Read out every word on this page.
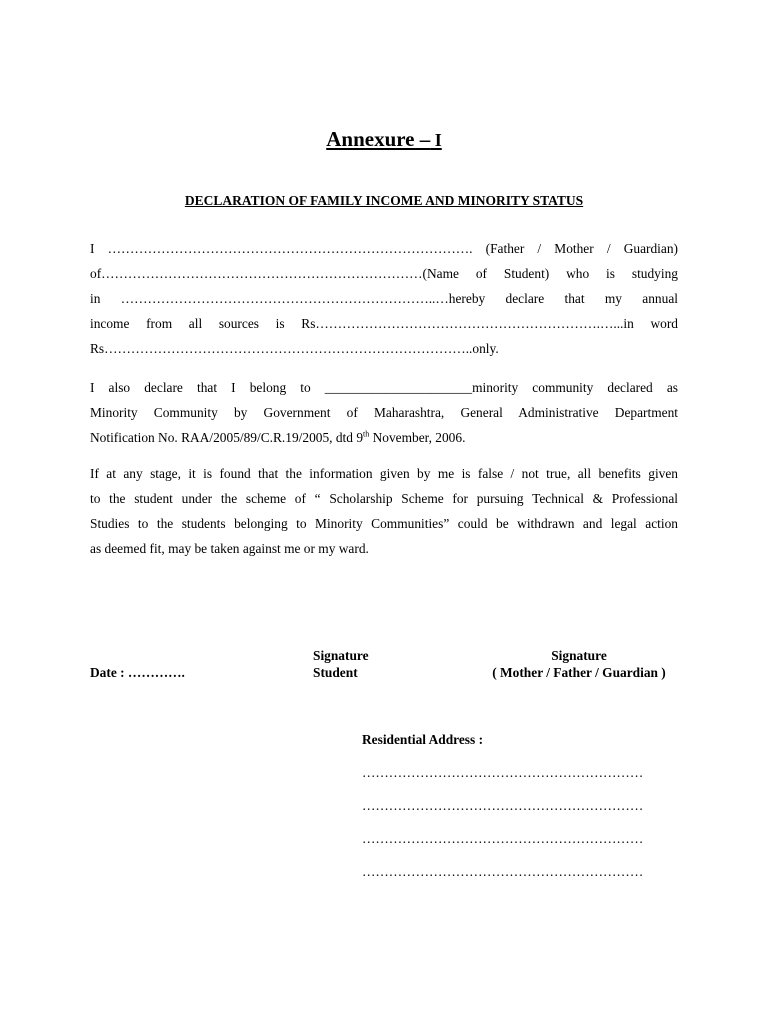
Annexure – I
DECLARATION OF FAMILY INCOME AND MINORITY STATUS
I ………………………………………………………………………. (Father / Mother / Guardian)
of………………………………………………………………(Name of Student) who is studying
in ……………………………………………………………..…hereby declare that my annual
income from all sources is Rs……………………………………………………….…...in word
Rs………………………………………………………………………..only.
I also declare that I belong to ______________________minority community declared as
Minority Community by Government of Maharashtra, General Administrative Department
Notification No. RAA/2005/89/C.R.19/2005, dtd 9th November, 2006.
If at any stage, it is found that the information given by me is false / not true, all benefits given
to the student under the scheme of “ Scholarship Scheme for pursuing Technical & Professional
Studies to the students belonging to Minority Communities” could be withdrawn and legal action
as deemed fit, may be taken against me or my ward.
Date : ………….
Signature
Student
Signature
( Mother / Father / Guardian )
Residential Address :
………………………………………………………
………………………………………………………
………………………………………………………
………………………………………………………
